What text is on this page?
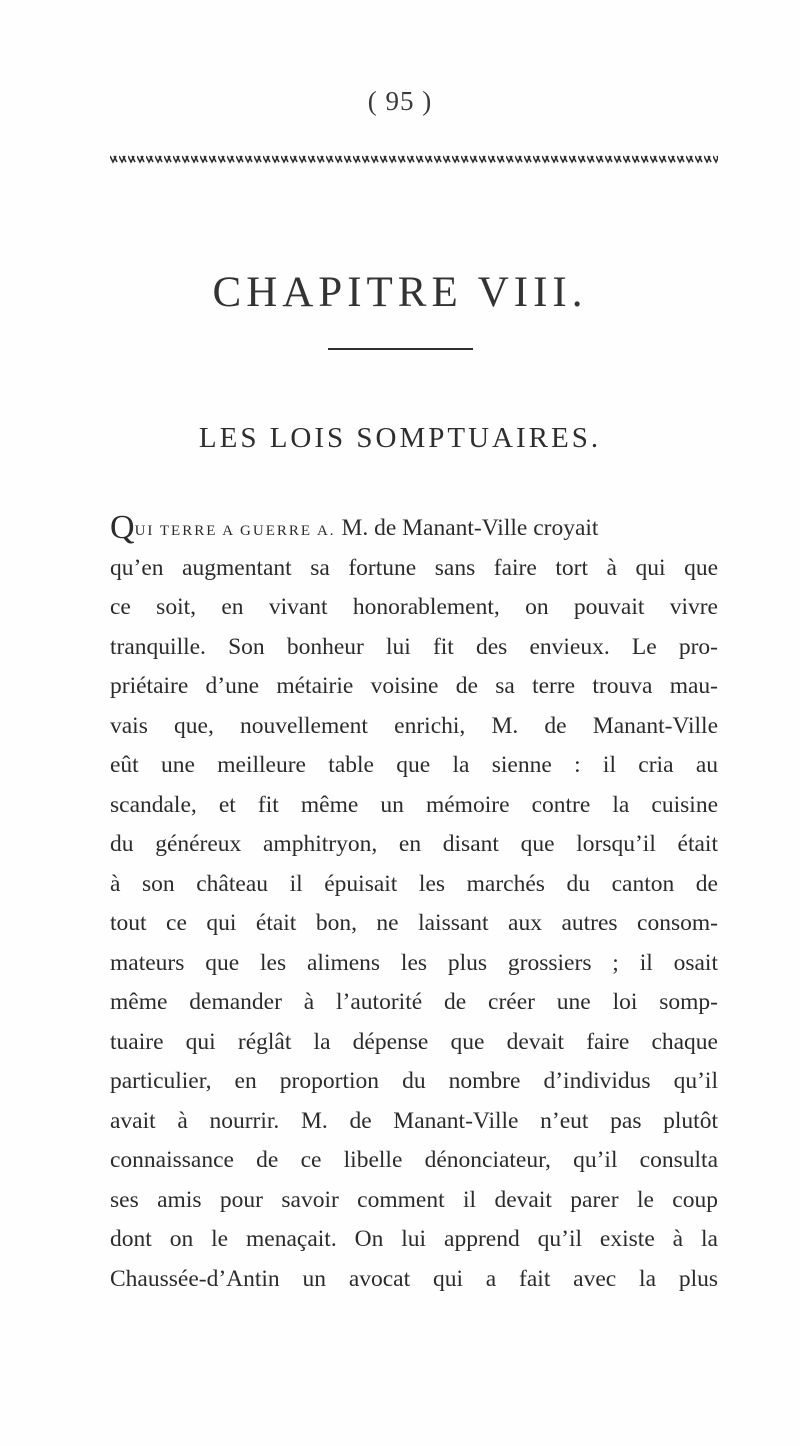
( 95 )
CHAPITRE VIII.
LES LOIS SOMPTUAIRES.
QUI TERRE A GUERRE A. M. de Manant-Ville croyait
qu’en augmentant sa fortune sans faire tort à qui que
ce soit, en vivant honorablement, on pouvait vivre
tranquille. Son bonheur lui fit des envieux. Le pro-
priétaire d’une métairie voisine de sa terre trouva mau-
vais que, nouvellement enrichi, M. de Manant-Ville
eût une meilleure table que la sienne : il cria au
scandale, et fit même un mémoire contre la cuisine
du généreux amphitryon, en disant que lorsqu’il était
à son château il épuisait les marchés du canton de
tout ce qui était bon, ne laissant aux autres consom-
mateurs que les alimens les plus grossiers ; il osait
même demander à l’autorité de créer une loi somp-
tuaire qui réglât la dépense que devait faire chaque
particulier, en proportion du nombre d’individus qu’il
avait à nourrir. M. de Manant-Ville n’eut pas plutôt
connaissance de ce libelle dénonciateur, qu’il consulta
ses amis pour savoir comment il devait parer le coup
dont on le menaçait. On lui apprend qu’il existe à la
Chaussée-d’Antin un avocat qui a fait avec la plus
